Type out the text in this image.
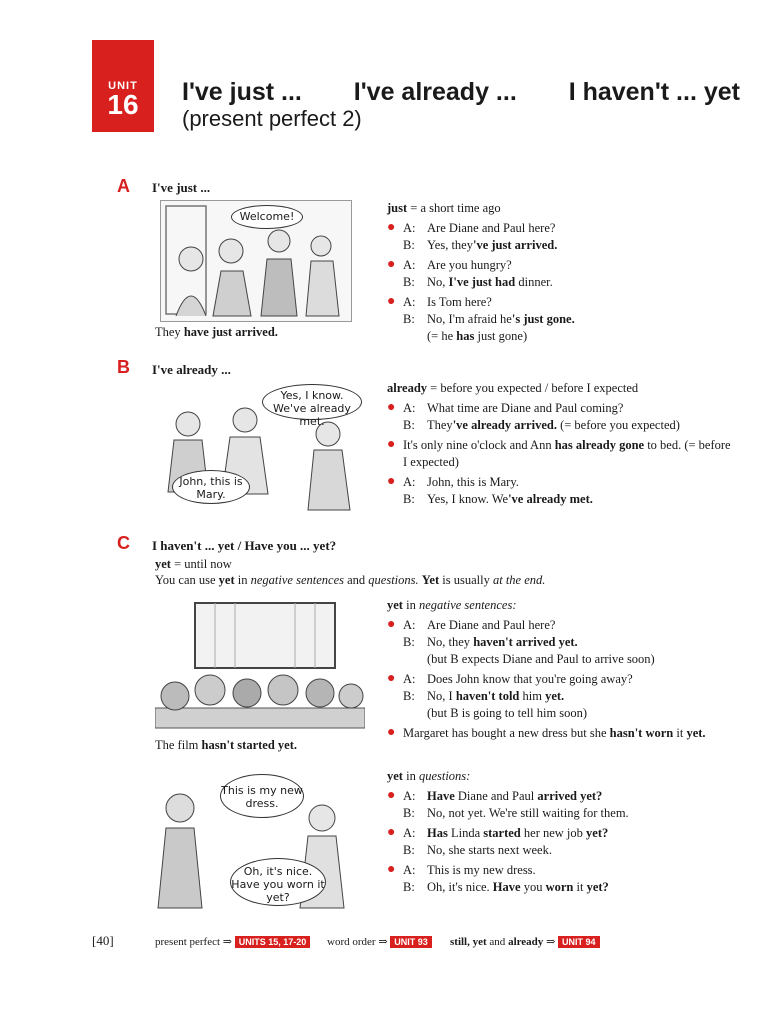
UNIT
16	I've just ... I've already ... I haven't ... yet
(present perfect 2)
A I've just ...
Welcome!
They have just arrived.
just = a short time ago
● A: Are Diane and Paul here?
B: Yes, they've just arrived.
● A: Are you hungry?
B: No, I've just had dinner.
● A: Is Tom here?
B: No, I'm afraid he's just gone.
(= he has just gone)
B I've already ...
Yes, I know. We've already met.
John, this is Mary.
already = before you expected / before I expected
● A: What time are Diane and Paul coming?
B: They've already arrived. (= before you expected)
● It's only nine o'clock and Ann has already gone to bed. (= before I expected)
● A: John, this is Mary.
B: Yes, I know. We've already met.
C I haven't ... yet / Have you ... yet?
yet = until now
You can use yet in negative sentences and questions. Yet is usually at the end.
The film hasn't started yet.
yet in negative sentences:
● A: Are Diane and Paul here?
B: No, they haven't arrived yet.
(but B expects Diane and Paul to arrive soon)
● A: Does John know that you're going away?
B: No, I haven't told him yet.
(but B is going to tell him soon)
● Margaret has bought a new dress but she hasn't worn it yet.
This is my new dress.
Oh, it's nice. Have you worn it yet?
yet in questions:
● A: Have Diane and Paul arrived yet?
B: No, not yet. We're still waiting for them.
● A: Has Linda started her new job yet?
B: No, she starts next week.
● A: This is my new dress.
B: Oh, it's nice. Have you worn it yet?
[40]	present perfect ⇒ UNITS 15, 17-20	word order ⇒ UNIT 93	still, yet and already ⇒ UNIT 94
